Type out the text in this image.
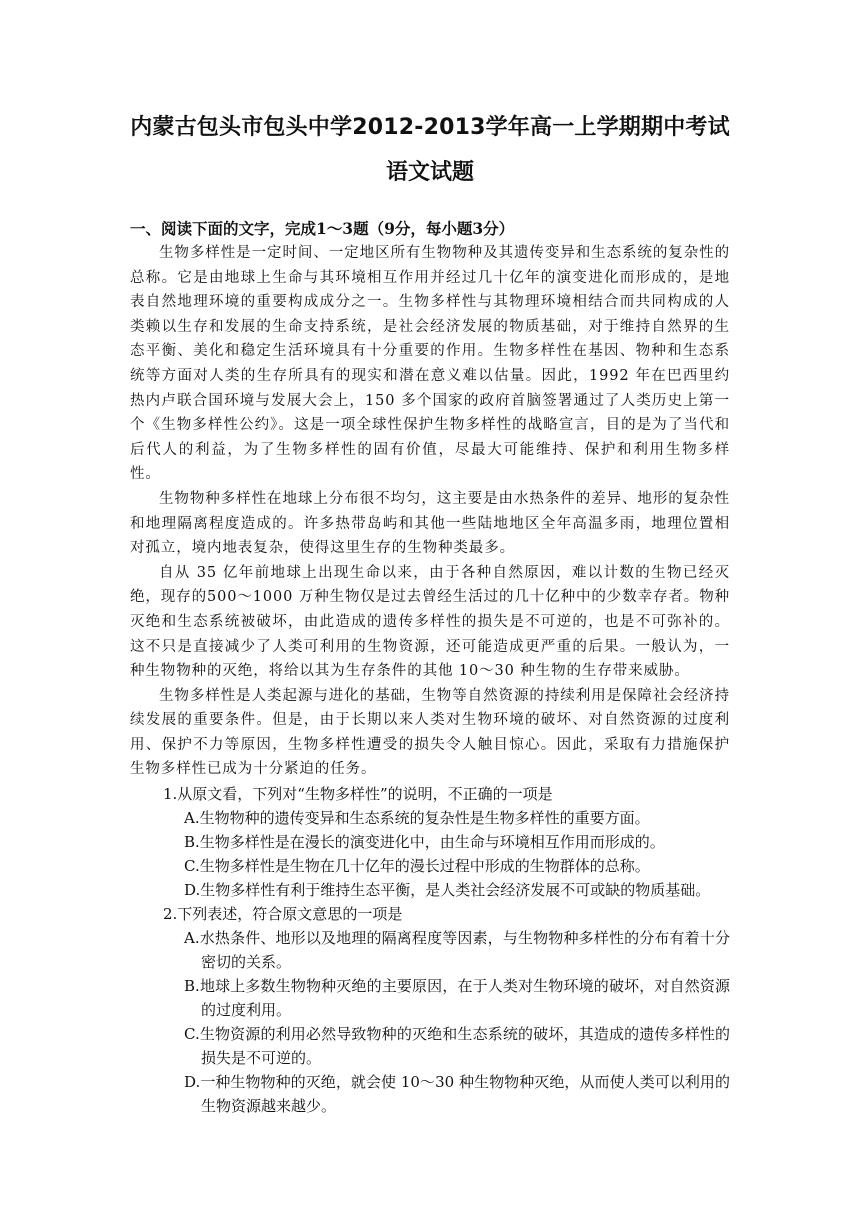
内蒙古包头市包头中学2012-2013学年高一上学期期中考试
语文试题

一、阅读下面的文字，完成1～3题（9分，每小题3分）

生物多样性是一定时间、一定地区所有生物物种及其遗传变异和生态系统的复杂性的总称。它是由地球上生命与其环境相互作用并经过几十亿年的演变进化而形成的，是地表自然地理环境的重要构成成分之一。生物多样性与其物理环境相结合而共同构成的人类赖以生存和发展的生命支持系统，是社会经济发展的物质基础，对于维持自然界的生态平衡、美化和稳定生活环境具有十分重要的作用。生物多样性在基因、物种和生态系统等方面对人类的生存所具有的现实和潜在意义难以估量。因此，1992 年在巴西里约热内卢联合国环境与发展大会上，150 多个国家的政府首脑签署通过了人类历史上第一个《生物多样性公约》。这是一项全球性保护生物多样性的战略宣言，目的是为了当代和后代人的利益，为了生物多样性的固有价值，尽最大可能维持、保护和利用生物多样性。

生物物种多样性在地球上分布很不均匀，这主要是由水热条件的差异、地形的复杂性和地理隔离程度造成的。许多热带岛屿和其他一些陆地地区全年高温多雨，地理位置相对孤立，境内地表复杂，使得这里生存的生物种类最多。

自从 35 亿年前地球上出现生命以来，由于各种自然原因，难以计数的生物已经灭绝，现存的500～1000 万种生物仅是过去曾经生活过的几十亿种中的少数幸存者。物种灭绝和生态系统被破坏，由此造成的遗传多样性的损失是不可逆的，也是不可弥补的。这不只是直接减少了人类可利用的生物资源，还可能造成更严重的后果。一般认为，一种生物物种的灭绝，将给以其为生存条件的其他 10～30 种生物的生存带来威胁。

生物多样性是人类起源与进化的基础，生物等自然资源的持续利用是保障社会经济持续发展的重要条件。但是，由于长期以来人类对生物环境的破坏、对自然资源的过度利用、保护不力等原因，生物多样性遭受的损失令人触目惊心。因此，采取有力措施保护生物多样性已成为十分紧迫的任务。

1.从原文看，下列对“生物多样性”的说明，不正确的一项是

A.生物物种的遗传变异和生态系统的复杂性是生物多样性的重要方面。

B.生物多样性是在漫长的演变进化中，由生命与环境相互作用而形成的。

C.生物多样性是生物在几十亿年的漫长过程中形成的生物群体的总称。

D.生物多样性有利于维持生态平衡，是人类社会经济发展不可或缺的物质基础。

2.下列表述，符合原文意思的一项是

A.水热条件、地形以及地理的隔离程度等因素，与生物物种多样性的分布有着十分密切的关系。

B.地球上多数生物物种灭绝的主要原因，在于人类对生物环境的破坏，对自然资源的过度利用。

C.生物资源的利用必然导致物种的灭绝和生态系统的破坏，其造成的遗传多样性的损失是不可逆的。

D.一种生物物种的灭绝，就会使 10～30 种生物物种灭绝，从而使人类可以利用的生物资源越来越少。
